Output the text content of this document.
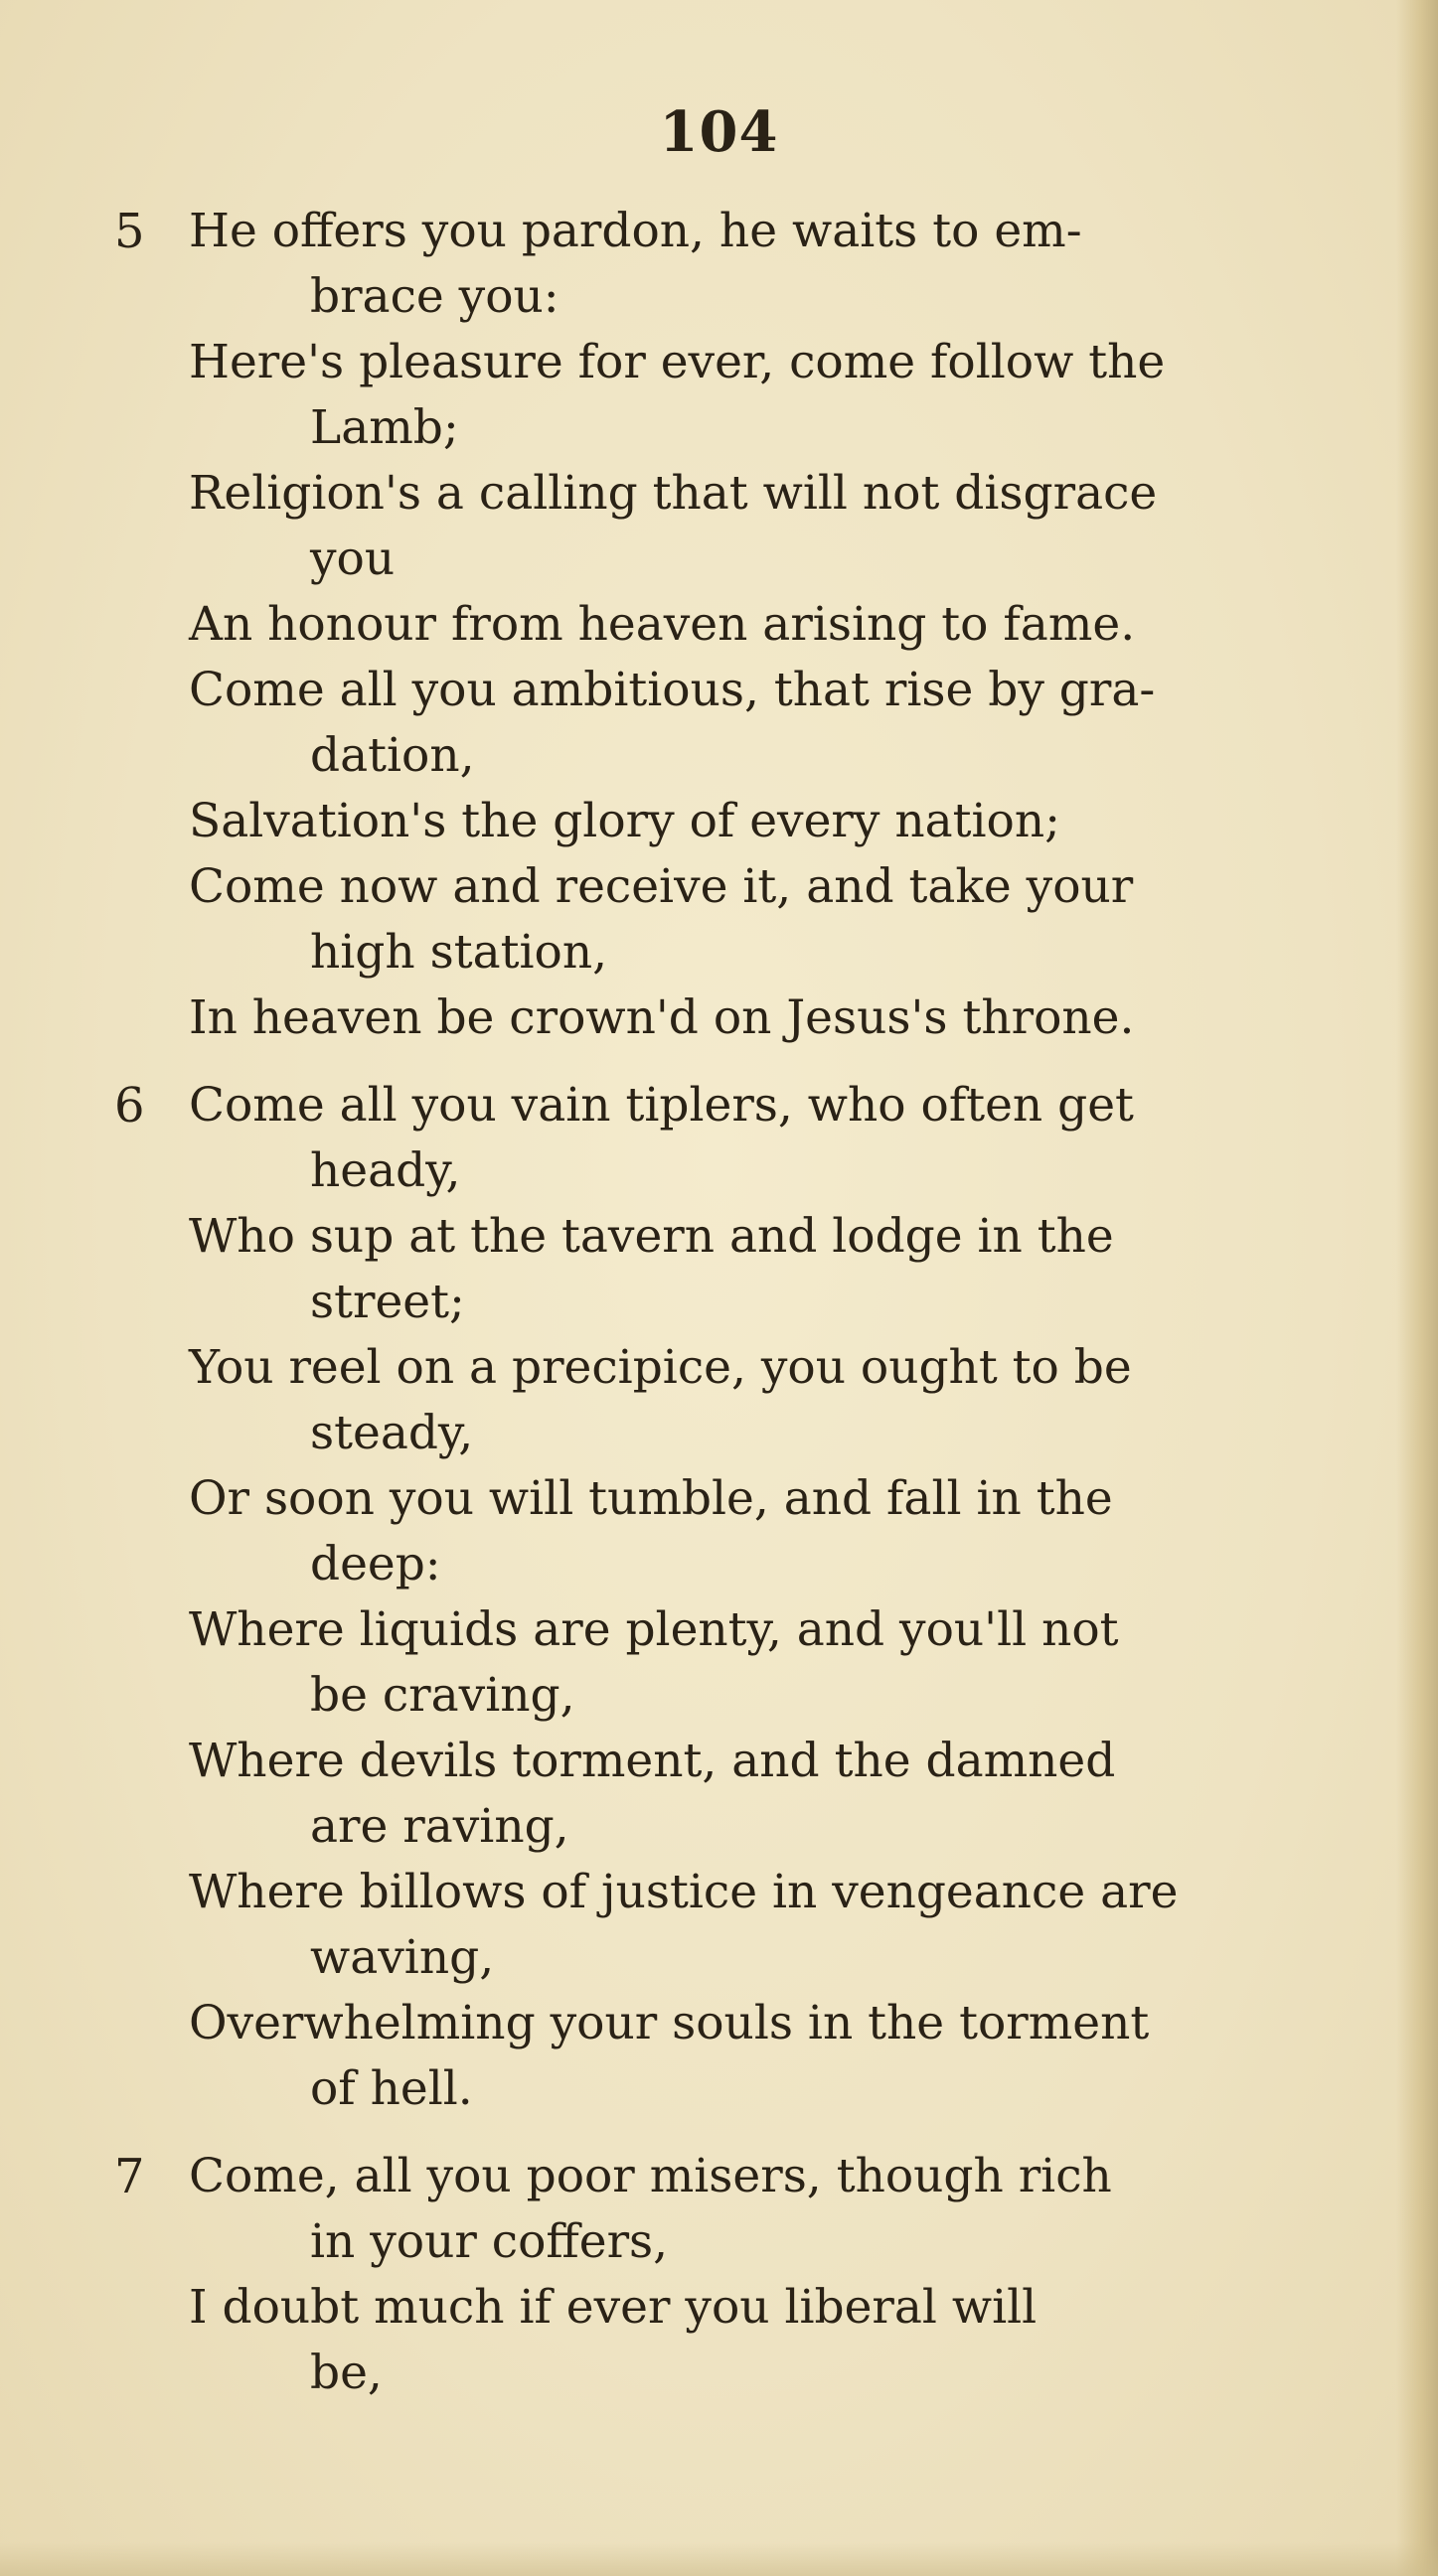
104
5 He offers you pardon, he waits to em-
brace you:
Here's pleasure for ever, come follow the
Lamb;
Religion's a calling that will not disgrace
you
An honour from heaven arising to fame.
Come all you ambitious, that rise by gra-
dation,
Salvation's the glory of every nation;
Come now and receive it, and take your
high station,
In heaven be crown'd on Jesus's throne.
6 Come all you vain tiplers, who often get
heady,
Who sup at the tavern and lodge in the
street;
You reel on a precipice, you ought to be
steady,
Or soon you will tumble, and fall in the
deep:
Where liquids are plenty, and you'll not
be craving,
Where devils torment, and the damned
are raving,
Where billows of justice in vengeance are
waving,
Overwhelming your souls in the torment
of hell.
7 Come, all you poor misers, though rich
in your coffers,
I doubt much if ever you liberal will
be,
